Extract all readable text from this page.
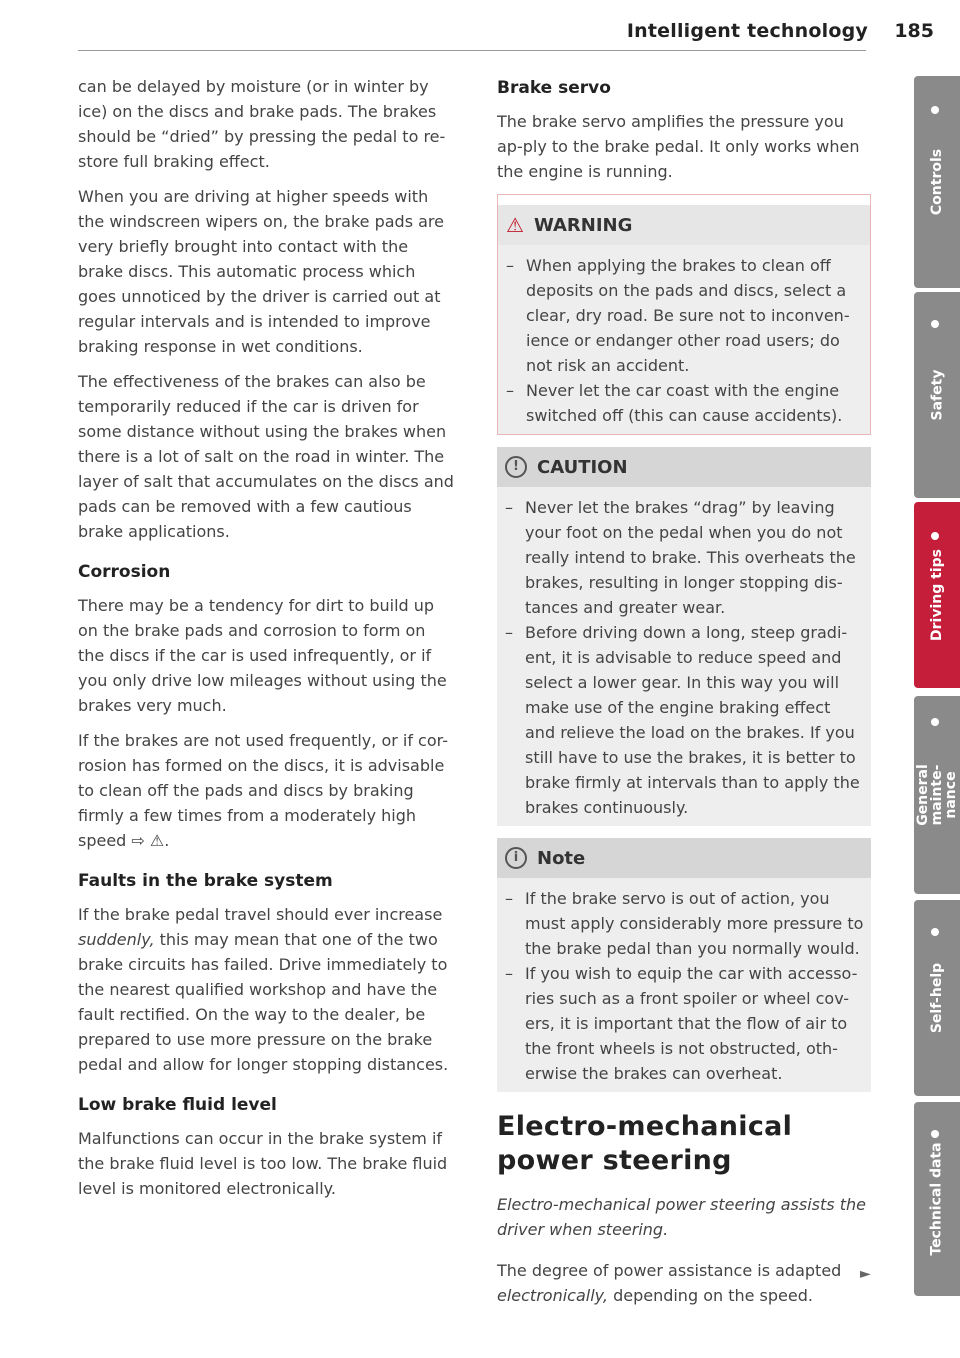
Intelligent technology 185

can be delayed by moisture (or in winter by ice) on the discs and brake pads. The brakes should be “dried” by pressing the pedal to re-store full braking effect.

When you are driving at higher speeds with the windscreen wipers on, the brake pads are very briefly brought into contact with the brake discs. This automatic process which goes unnoticed by the driver is carried out at regular intervals and is intended to improve braking response in wet conditions.

The effectiveness of the brakes can also be temporarily reduced if the car is driven for some distance without using the brakes when there is a lot of salt on the road in winter. The layer of salt that accumulates on the discs and pads can be removed with a few cautious brake applications.

Corrosion

There may be a tendency for dirt to build up on the brake pads and corrosion to form on the discs if the car is used infrequently, or if you only drive low mileages without using the brakes very much.

If the brakes are not used frequently, or if cor-rosion has formed on the discs, it is advisable to clean off the pads and discs by braking firmly a few times from a moderately high speed ⇨ ⚠.

Faults in the brake system

If the brake pedal travel should ever increase suddenly, this may mean that one of the two brake circuits has failed. Drive immediately to the nearest qualified workshop and have the fault rectified. On the way to the dealer, be prepared to use more pressure on the brake pedal and allow for longer stopping distances.

Low brake fluid level

Malfunctions can occur in the brake system if the brake fluid level is too low. The brake fluid level is monitored electronically.

Brake servo

The brake servo amplifies the pressure you ap-ply to the brake pedal. It only works when the engine is running.

⚠ WARNING
– When applying the brakes to clean off deposits on the pads and discs, select a clear, dry road. Be sure not to inconven-ience or endanger other road users; do not risk an accident.
– Never let the car coast with the engine switched off (this can cause accidents).
!	CAUTION
– Never let the brakes “drag” by leaving your foot on the pedal when you do not really intend to brake. This overheats the brakes, resulting in longer stopping dis-tances and greater wear.
– Before driving down a long, steep gradi-ent, it is advisable to reduce speed and select a lower gear. In this way you will make use of the engine braking effect and relieve the load on the brakes. If you still have to use the brakes, it is better to brake firmly at intervals than to apply the brakes continuously.
i	Note
– If the brake servo is out of action, you must apply considerably more pressure to the brake pedal than you normally would.
– If you wish to equip the car with accesso-ries such as a front spoiler or wheel cov-ers, it is important that the flow of air to the front wheels is not obstructed, oth-erwise the brakes can overheat.
Electro-mechanical power steering

Electro-mechanical power steering assists the driver when steering.

The degree of power assistance is adapted electronically, depending on the speed.

►
Controls
Safety
Driving tips
General mainte-nance
Self-help
Technical data
